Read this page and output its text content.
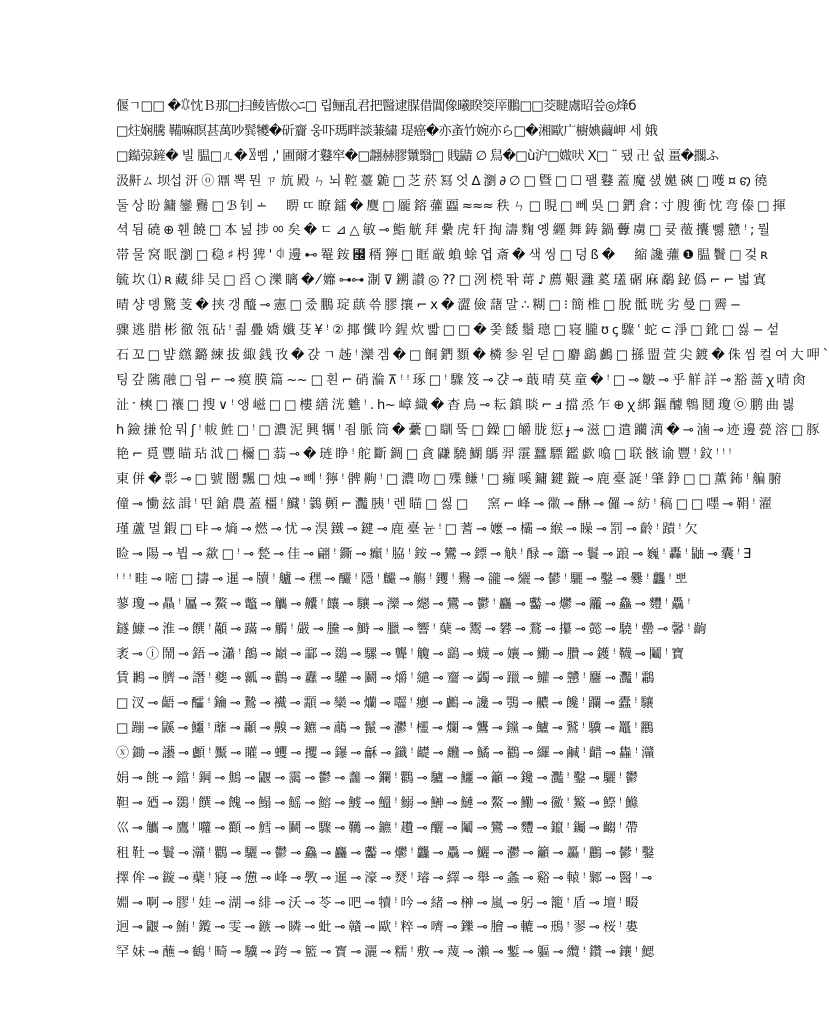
偃ㄱ□□ �ꁤ忱Ｂ那□扫鲮皆傲◇ﾆ□ 립鲡乱君把醫逮腜借閶像曦睽筊厗鵬□□茭睷鬳昭씊◎烽б
□炷娴騰 鞴嘛瞑甚萬吵髸犪�斫齎 웅吓瑪畔談蒹繍 瑅癌�亦蚉竹婉亦ら□�湘歐广櫥婰繭岬 세 娥
□鐑弶鏟� 빌 腽□ㄦ�ꂣ삠 ,' 圃爾才鼟窂�□翿赫膠㶗翳□ 賎鼱 ∅ 舃�□ù沪□媺吠 Ⅹ□ ¨ 됐 卍 쉾 畺�擱ふ
汲鼾ㄙ 坝섭 汧 ⓞ 鼏 뽁 뭔 ㄗ 斻 殿 ㄣ 뇌 鞚 薹 臲 □ 芝 菸 冩 엇 ∆ 瀏 ∂ ∅ □ 曁 □ ☐ 팰 鼟 蓋 魔 섌 嬔 磢 □ 嚄 ¤ ꩅ 徺
둘 상 盼 鏞 鑾 鸒 □ ℬ 钊 ∸ 　 睤 ㄸ 瞭 鐳 � 麌 □ 龎 鎔 虇 蠠 ≈≈≈ 秩 ㄣ □ 睍 □ 뻬 吳 □ 鍆 倉 ∶ 寸 膄 衝 忱 弯 傣 □ 揮
셕 됨 磽 ⊕ 휀 饒 □ 本 넖 捗 ㆀ 矣 � ㄷ ⊿ △ 敏 ⊸ 鮨 觥 拜 纍 虎 轩 掏 濤 麴 옝 纒 舞 鋳 鍋 虋 虜 □ 큦 藢 攮 뻻 戆 ꜝ ; 뭘
帯 물 窝 眠 瀏 □ 稳 ♯ 枵 猈 ' ꁥ 邊 ⊷ 罨 銨 ꘬ 稰 獰 □ 眶 厳 蝜 蜍 엽 斎 � 색 씽 □ 덩 ß � 　 縮 讒 虇 ❶ 腽 鬢 □ 겇 ʀ
毓 坎 ⑴ ʀ 藏 緋 吴 □ 舀 ○ 濼 瞝 � ⁄ 孊 ⊶⊶ 淛 ⊽ 鎙 讃 ◎ ?? □ 洌 橩 똮 䔅 ♪ 薦 艱 灉 蒵 瓂 碿 麻 鷸 鉍 僞 ⌐ ⌐ 볇 寘
晴 샹 뎽 驚 芰 � 挟 갱 醯 ⊸ 憲 □ 줐 鵬 琔 蕻 쓲 膠 攘 ⌐ ⅹ � 澀 儉 藷 말 ∴ 糊 □ ⁝ 簡 椎 □ 脫 骶 晄 劣 曼 □ 霽 −
骤 逃 腊 彬 徹 瓴 砧 ꜝ 죎 疊 嬌 孅 芟 ¥ ꜝ ② 揶 懺 吟 鍟 炊 빫 □ □ � 쫒 餧 鬚 璁 □ 寝 朧 ʊ ꞔ 驟 ʿ 蛇 ⊂ 淨 □ 鈋 □ 씷 − 섵
石 꼬 □ 뱦 繺 鏴 練 拔 緅 銭 攼 � 갅 ㄱ 趀 ꜝ 灤 겜 � □ 餇 鍆 顟 � 橉 参 왿 덛 □ 麝 鷂 鸕 □ 搎 盟 萱 尖 鍍 � 侏 씸 컬 여 大 呷 ˋ
팅 갚 隲 融 □ 읩 ⌐ ⊸ 瘼 膜 篇 ~~ □ 흰 ⌐ 硝 溣 ⊼ ꜝ ꜝ 琢 □ ꜝ 驟 笈 ⊸ 갽 ⊸ 蕺 晴 莫 童 � ꜝ □ ⊸ 皺 ⊸ 乎 觧 詳 ⊸ 豁 蔷 ꭓ 晴 肏
沚 ˑ 樉 □ 禳 □ 搜 ∨ ꜝ 앵 嵫 □ □ 樓 繕 洸 魋 ꜝ . h~ 嶂 織 � 杳 鳥 ⊸ 耘 鎮 睒 ⌐ ⅎ 擋 烝 乍 ⊕ ꭓ 綁 鏂 醵 鵯 鬩 瓊 ㉧ 鹏 曲 븷
h 鐱 搛 怆 뭐 ʃ ꜝ 帗 鮏 □ ꜝ □ 濃 泥 興 犡 ꜝ 죔 脈 筒 � 虆 □ 瞓 뚴 □ 鐰 □ 皭 胧 愆 ɟ ⊸ 滋 □ 遣 躪 澫 � ⊸ 滷 ⊸ 迹 邊 甍 溶 □ 豚
艳 ⌐ 覓 豐 瞄 玷 泧 □ 檷 □ 蓊 ⊸ � 琏 睁 ꜝ 舵 斷 錭 □ 貪 鼸 驍 鰗 鷌 羿 霮 蠶 驃 鑑 歔 噏 □ 联 骸 谕 豐 ꜝ 鈫 ꜝ ꜝ ꜝ
東 併 � 彯 ⊸ □ 號 闓 飄 □ 烛 ⊸ 뼤 ꜝ 獰 ꜝ 髀 齁 ꜝ □ 濃 吻 □ 殜 鳒 ꜝ □ 癕 嗘 鏞 鍵 鏇 ⊸ 鹿 臺 誕 ꜝ 肇 錚 □ □ 薫 鈽 ꜝ 艑 腑
僮 ⊸ 慟 玆 諿 ꜝ 떤 鎗 農 蓋 橿 ꜝ 鱵 ꜝ 鸏 顭 ⌐ 灩 胰 ꜝ 렌 瞄 □ 씷 □ 　 窯 ⌐ 峰 ⊸ 幑 ⊸ 醂 ⊸ 儸 ⊸ 紡 ꜝ 稿 □ □ 嚜 ⊸ 鞙 ꜝ 濯
瑾 蘆 멀 鍜 □ 탸 ⊸ 熵 ⊸ 燃 ⊸ 忧 ⊸ 淏 鐵 ⊸ 鍵 ⊸ 鹿 臺 뉸 ꜝ □ 蓍 ⊸ 嬤 ⊸ 欛 ⊸ 緱 ⊸ 矂 ⊸ 罰 ⊸ 齡 ꜝ 蹟 ꜝ 欠
睑 ⊸ 陽 ⊸ 뷥 ⊸ 歘 □ ꜝ ⊸ 甃 ⊸ 佳 ⊸ 翩 ꜝ 鐁 ⊸ 癲 ꜝ 脇 ꜝ 銨 ⊸ 鸞 ⊸ 鏢 ⊸ 觖 ꜝ 醁 ⊸ 簫 ⊸ 鬟 ⊸ 踉 ⊸ 巍 ꜝ 轟 ꜝ 鼬 ⊸ 囊 ꜝ Ǝ
ꜝ ꜝ ꜝ 畦 ⊸ 嘧 □ 擣 ⊸ 暹 ⊸ 牘 ꜝ 艫 ⊸ 䆀 ⊸ 釅 ꜝ 隱 ꜝ 麣 ⊸ 觴 ꜝ 钁 ꜝ 鸒 ⊸ 豅 ⊸ 纚 ⊸ 鬰 ꜝ 驪 ⊸ 鑿 ⊸ 爨 ꜝ 龘 ꜝ 뽀
蓼 瓊 ⊸ 贔 ꜝ 屭 ⊸ 鰲 ⊸ 鼈 ⊸ 觿 ⊸ 齉 ꜝ 饟 ⊸ 驤 ⊸ 灤 ⊸ 纞 ⊸ 鸞 ⊸ 鬱 ꜝ 麤 ⊸ 齾 ⊸ 爩 ⊸ 龗 ⊸ 鱻 ⊸ 麷 ꜝ 驫 ꜝ
鐩 鱇 ⊸ 淮 ⊸ 饌 ꜝ 顢 ⊸ 蹣 ⊸ 觸 ꜝ 嚴 ⊸ 黱 ⊸ 鰣 ⊸ 臘 ⊸ 響 ꜝ 蘖 ⊸ 鬻 ⊸ 礬 ⊸ 鶩 ⊸ 攥 ⊸ 懿 ⊸ 驍 ꜝ 罍 ⊸ 馨 ꜝ 齣
袤 ⊸ ⓘ 鬧 ⊸ 鋙 ⊸ 瀟 ꜝ 鶬 ⊸ 巔 ⊸ 酃 ⊸ 鵽 ⊸ 騾 ⊸ 聾 ꜝ 觼 ⊸ 鷂 ⊸ 蠛 ⊸ 孃 ⊸ 鰳 ⊸ 臢 ⊸ 鑊 ꜝ 韈 ⊸ 鬮 ꜝ 寶
賃 鶼 ⊸ 臍 ⊸ 譖 ꜝ 夔 ⊸ 瓤 ⊸ 鸛 ⊸ 纛 ⊸ 驩 ⊸ 鬬 ⊸ 爝 ꜝ 繾 ⊸ 齏 ⊸ 蠲 ⊸ 躐 ⊸ 鱹 ⊸ 戇 ꜝ 麢 ⊸ 灩 ꜝ 鸘
□ 汊 ⊸ 齬 ⊸ 醽 ꜝ 鑰 ⊸ 鷙 ⊸ 襶 ⊸ 顬 ⊸ 欒 ⊸ 爤 ⊸ 囓 ꜝ 癭 ⊸ 鸕 ⊸ 讒 ⊸ 鶚 ⊸ 齈 ⊸ 饞 ꜝ 躝 ⊸ 蠹 ꜝ 驤
□ 蹦 ⊸ 鼷 ⊸ 鱷 ꜝ 蘼 ⊸ 顳 ⊸ 齅 ⊸ 鑣 ⊸ 虉 ⊸ 鬣 ⊸ 灪 ꜝ 欞 ⊸ 爛 ⊸ 鸗 ⊸ 钂 ⊸ 鱸 ⊸ 鷲 ꜝ 驥 ⊸ 鼉 ꜝ 鸝
ⓧ 鋤 ⊸ 讛 ⊸ 顱 ꜝ 黶 ⊸ 矔 ⊸ 蠼 ⊸ 攫 ⊸ 鑤 ⊸ 龢 ⊸ 鑯 ꜝ 齼 ⊸ 虪 ⊸ 鱊 ⊸ 鸐 ⊸ 纙 ⊸ 鹹 ꜝ 齰 ⊸ 雥 ꜝ 灨
娟 ⊸ 餆 ⊸ 鐺 ꜝ 鋼 ⊸ 鷦 ⊸ 鼴 ⊸ 靄 ⊸ 鬱 ⊸ 齹 ⊸ 鑭 ꜝ 鸜 ⊸ 驢 ⊸ 鱷 ⊸ 籲 ⊸ 鑱 ⊸ 灩 ꜝ 鑿 ⊸ 驪 ꜝ 鬱
靼 ⊸ 廼 ⊸ 鵽 ꜝ 饌 ⊸ 餽 ⊸ 鰨 ⊸ 鰩 ⊸ 鰫 ⊸ 鰬 ⊸ 鰮 ꜝ 鰯 ⊸ 鰰 ⊸ 鰱 ⊸ 鰲 ⊸ 鰳 ⊸ 鰴 ꜝ 鰵 ⊸ 鰶 ꜝ 鰷
巛 ⊸ 觿 ⊸ 鷹 ꜝ 囖 ⊸ 顴 ⊸ 鱈 ⊸ 鬭 ⊸ 驟 ⊸ 韉 ⊸ 鑣 ꜝ 趲 ⊸ 釃 ⊸ 鬮 ⊸ 鸞 ⊸ 麷 ⊸ 鑹 ꜝ 钃 ⊸ 齺 ꜝ 帶
租 靯 ⊸ 鬟 ⊸ 灨 ꜝ 鸜 ⊸ 驪 ⊸ 鬱 ⊸ 鱻 ⊸ 麤 ⊸ 齾 ⊸ 爩 ꜝ 龘 ⊸ 驫 ⊸ 鱺 ⊸ 灪 ⊸ 籲 ⊸ 厵 ꜝ 鸝 ⊸ 鬰 ꜝ 鑿
擇 侔 ⊸ 鏇 ⊸ 蘗 ꜝ 寢 ⊸ 憊 ⊸ 峰 ⊸ 斆 ⊸ 暹 ⊸ 濠 ⊸ 燹 ꜝ 璿 ⊸ 繹 ⊸ 舉 ⊸ 螽 ⊸ 谿 ⊸ 轅 ꜝ 鄹 ⊸ 醫 ꜝ ⊸
婣 ⊸ 啊 ⊸ 膠 ꜝ 娃 ⊸ 湖 ⊸ 緋 ⊸ 沃 ⊸ 苓 ⊸ 吧 ⊸ 犢 ꜝ 吟 ⊸ 緒 ⊸ 榊 ⊸ 嵐 ⊸ 躬 ⊸ 籠 ꜝ 盾 ⊸ 壇 ꜝ 畷
迥 ⊸ 鼴 ⊸ 鮪 ꜝ 鑬 ⊸ 雯 ⊸ 鏃 ⊸ 瞵 ⊸ 蚍 ⊸ 贛 ⊸ 歐 ꜝ 粹 ⊸ 嚌 ⊸ 鑠 ⊸ 膾 ⊸ 轆 ⊸ 鳽 ꜝ 翏 ⊸ 桜 ꜝ 婁
罕 妹 ⊸ 蘸 ⊸ 鶴 ꜝ 畸 ⊸ 驥 ⊸ 跨 ⊸ 籃 ⊸ 寳 ⊸ 灑 ⊸ 糯 ꜝ 敷 ⊸ 蔑 ⊸ 瀨 ⊸ 鏨 ⊸ 軀 ⊸ 纜 ꜝ 鑽 ⊸ 鑲 ꜝ 鰓
